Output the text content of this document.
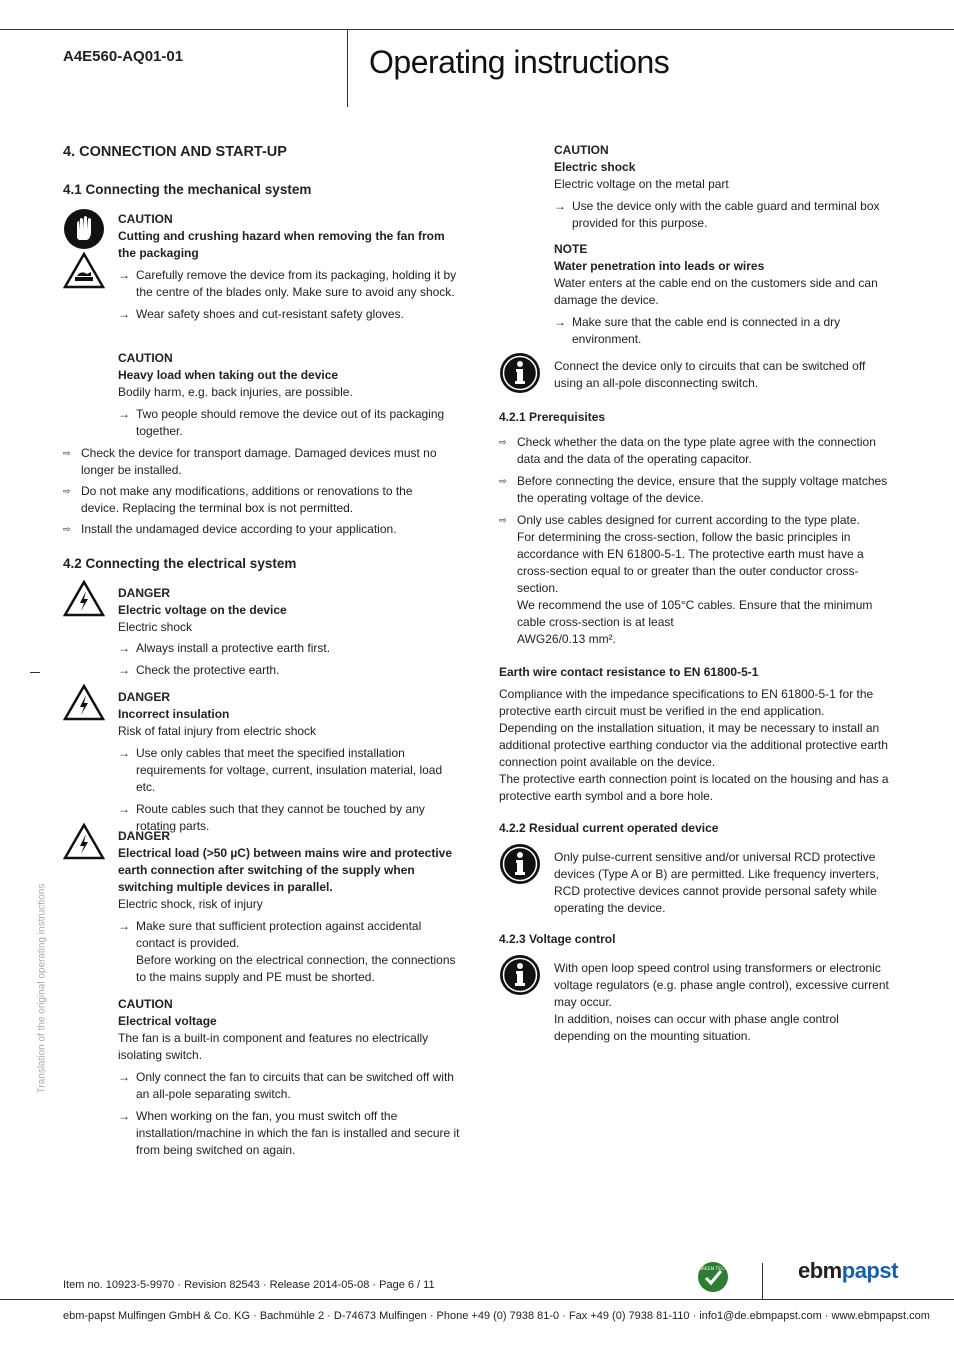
A4E560-AQ01-01	Operating instructions
Translation of the original operating instructions
4. CONNECTION AND START-UP
4.1 Connecting the mechanical system
CAUTION
Cutting and crushing hazard when removing the fan from the packaging
→ Carefully remove the device from its packaging, holding it by the centre of the blades only. Make sure to avoid any shock.
→ Wear safety shoes and cut-resistant safety gloves.
CAUTION
Heavy load when taking out the device
Bodily harm, e.g. back injuries, are possible.
→ Two people should remove the device out of its packaging together.
⇨ Check the device for transport damage. Damaged devices must no longer be installed.
⇨ Do not make any modifications, additions or renovations to the device. Replacing the terminal box is not permitted.
⇨ Install the undamaged device according to your application.
4.2 Connecting the electrical system
DANGER
Electric voltage on the device
Electric shock
→ Always install a protective earth first.
→ Check the protective earth.
DANGER
Incorrect insulation
Risk of fatal injury from electric shock
→ Use only cables that meet the specified installation requirements for voltage, current, insulation material, load etc.
→ Route cables such that they cannot be touched by any rotating parts.
DANGER
Electrical load (>50 µC) between mains wire and protective earth connection after switching of the supply when switching multiple devices in parallel.
Electric shock, risk of injury
→ Make sure that sufficient protection against accidental contact is provided.
Before working on the electrical connection, the connections to the mains supply and PE must be shorted.
CAUTION
Electrical voltage
The fan is a built-in component and features no electrically isolating switch.
→ Only connect the fan to circuits that can be switched off with an all-pole separating switch.
→ When working on the fan, you must switch off the installation/machine in which the fan is installed and secure it from being switched on again.
CAUTION
Electric shock
Electric voltage on the metal part
→ Use the device only with the cable guard and terminal box provided for this purpose.
NOTE
Water penetration into leads or wires
Water enters at the cable end on the customers side and can damage the device.
→ Make sure that the cable end is connected in a dry environment.
Connect the device only to circuits that can be switched off using an all-pole disconnecting switch.
4.2.1 Prerequisites
⇨ Check whether the data on the type plate agree with the connection data and the data of the operating capacitor.
⇨ Before connecting the device, ensure that the supply voltage matches the operating voltage of the device.
⇨ Only use cables designed for current according to the type plate.
For determining the cross-section, follow the basic principles in accordance with EN 61800-5-1. The protective earth must have a cross-section equal to or greater than the outer conductor cross-section.
We recommend the use of 105°C cables. Ensure that the minimum cable cross-section is at least
AWG26/0.13 mm².
Earth wire contact resistance to EN 61800-5-1
Compliance with the impedance specifications to EN 61800-5-1 for the protective earth circuit must be verified in the end application.
Depending on the installation situation, it may be necessary to install an additional protective earthing conductor via the additional protective earth connection point available on the device.
The protective earth connection point is located on the housing and has a protective earth symbol and a bore hole.
4.2.2 Residual current operated device
Only pulse-current sensitive and/or universal RCD protective devices (Type A or B) are permitted. Like frequency inverters, RCD protective devices cannot provide personal safety while operating the device.
4.2.3 Voltage control
With open loop speed control using transformers or electronic voltage regulators (e.g. phase angle control), excessive current may occur.
In addition, noises can occur with phase angle control depending on the mounting situation.
Item no. 10923-5-9970 · Revision 82543 · Release 2014-05-08 · Page 6 / 11
GREEN TECH	ebmpapst
ebm-papst Mulfingen GmbH & Co. KG · Bachmühle 2 · D-74673 Mulfingen · Phone +49 (0) 7938 81-0 · Fax +49 (0) 7938 81-110 · info1@de.ebmpapst.com · www.ebmpapst.com
